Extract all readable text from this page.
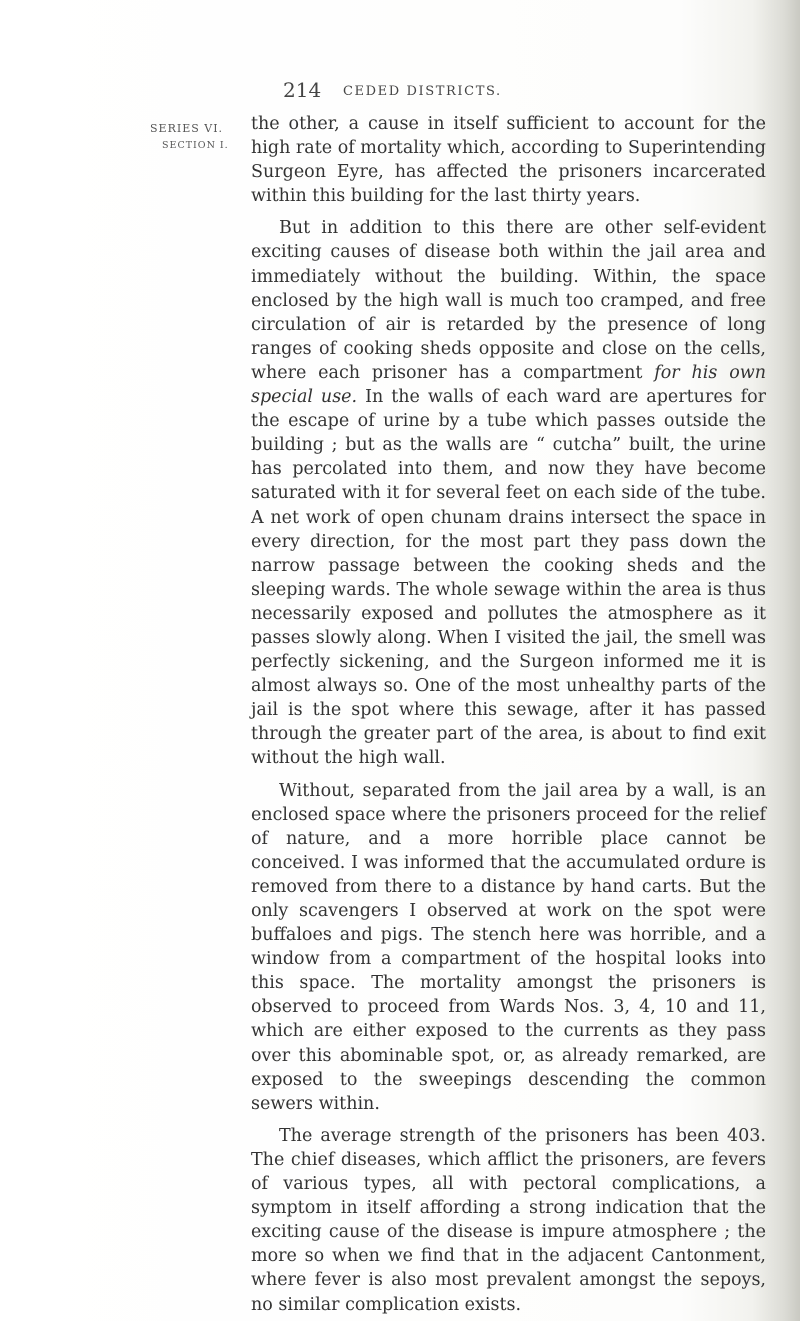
214 CEDED DISTRICTS.
SERIES VI.
SECTION I.

the other, a cause in itself sufficient to account for the high rate of mortality which, according to Superintending Surgeon Eyre, has affected the prisoners incarcerated within this building for the last thirty years.

But in addition to this there are other self-evident exciting causes of disease both within the jail area and immediately without the building. Within, the space enclosed by the high wall is much too cramped, and free circulation of air is retarded by the presence of long ranges of cooking sheds opposite and close on the cells, where each prisoner has a compartment for his own special use. In the walls of each ward are apertures for the escape of urine by a tube which passes outside the building ; but as the walls are “ cutcha” built, the urine has percolated into them, and now they have become saturated with it for several feet on each side of the tube. A net work of open chunam drains intersect the space in every direction, for the most part they pass down the narrow passage between the cooking sheds and the sleeping wards. The whole sewage within the area is thus necessarily exposed and pollutes the atmosphere as it passes slowly along. When I visited the jail, the smell was perfectly sickening, and the Surgeon informed me it is almost always so. One of the most unhealthy parts of the jail is the spot where this sewage, after it has passed through the greater part of the area, is about to find exit without the high wall.

Without, separated from the jail area by a wall, is an enclosed space where the prisoners proceed for the relief of nature, and a more horrible place cannot be conceived. I was informed that the accumulated ordure is removed from there to a distance by hand carts. But the only scavengers I observed at work on the spot were buffaloes and pigs. The stench here was horrible, and a window from a compartment of the hospital looks into this space. The mortality amongst the prisoners is observed to proceed from Wards Nos. 3, 4, 10 and 11, which are either exposed to the currents as they pass over this abominable spot, or, as already remarked, are exposed to the sweepings descending the common sewers within.

The average strength of the prisoners has been 403. The chief diseases, which afflict the prisoners, are fevers of various types, all with pectoral complications, a symptom in itself affording a strong indication that the exciting cause of the disease is impure atmosphere ; the more so when we find that in the adjacent Cantonment, where fever is also most prevalent amongst the sepoys, no similar complication exists.
